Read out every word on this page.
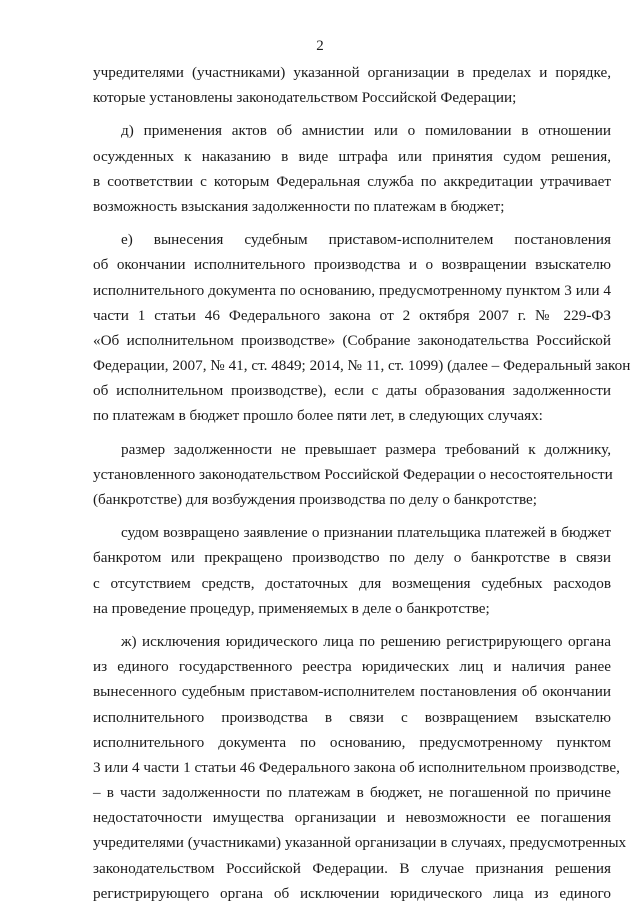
2
учредителями (участниками) указанной организации в пределах и порядке,
которые установлены законодательством Российской Федерации;
д) применения актов об амнистии или о помиловании в отношении
осужденных к наказанию в виде штрафа или принятия судом решения,
в соответствии с которым Федеральная служба по аккредитации утрачивает
возможность взыскания задолженности по платежам в бюджет;
е) вынесения судебным приставом-исполнителем постановления
об окончании исполнительного производства и о возвращении взыскателю
исполнительного документа по основанию, предусмотренному пунктом 3 или 4
части 1 статьи 46 Федерального закона от 2 октября 2007 г. № 229-ФЗ
«Об исполнительном производстве» (Собрание законодательства Российской
Федерации, 2007, № 41, ст. 4849; 2014, № 11, ст. 1099) (далее – Федеральный закон
об исполнительном производстве), если с даты образования задолженности
по платежам в бюджет прошло более пяти лет, в следующих случаях:
размер задолженности не превышает размера требований к должнику,
установленного законодательством Российской Федерации о несостоятельности
(банкротстве) для возбуждения производства по делу о банкротстве;
судом возвращено заявление о признании плательщика платежей в бюджет
банкротом или прекращено производство по делу о банкротстве в связи
с отсутствием средств, достаточных для возмещения судебных расходов
на проведение процедур, применяемых в деле о банкротстве;
ж) исключения юридического лица по решению регистрирующего органа
из единого государственного реестра юридических лиц и наличия ранее
вынесенного судебным приставом-исполнителем постановления об окончании
исполнительного производства в связи с возвращением взыскателю
исполнительного документа по основанию, предусмотренному пунктом
3 или 4 части 1 статьи 46 Федерального закона об исполнительном производстве,
– в части задолженности по платежам в бюджет, не погашенной по причине
недостаточности имущества организации и невозможности ее погашения
учредителями (участниками) указанной организации в случаях, предусмотренных
законодательством Российской Федерации. В случае признания решения
регистрирующего органа об исключении юридического лица из единого
